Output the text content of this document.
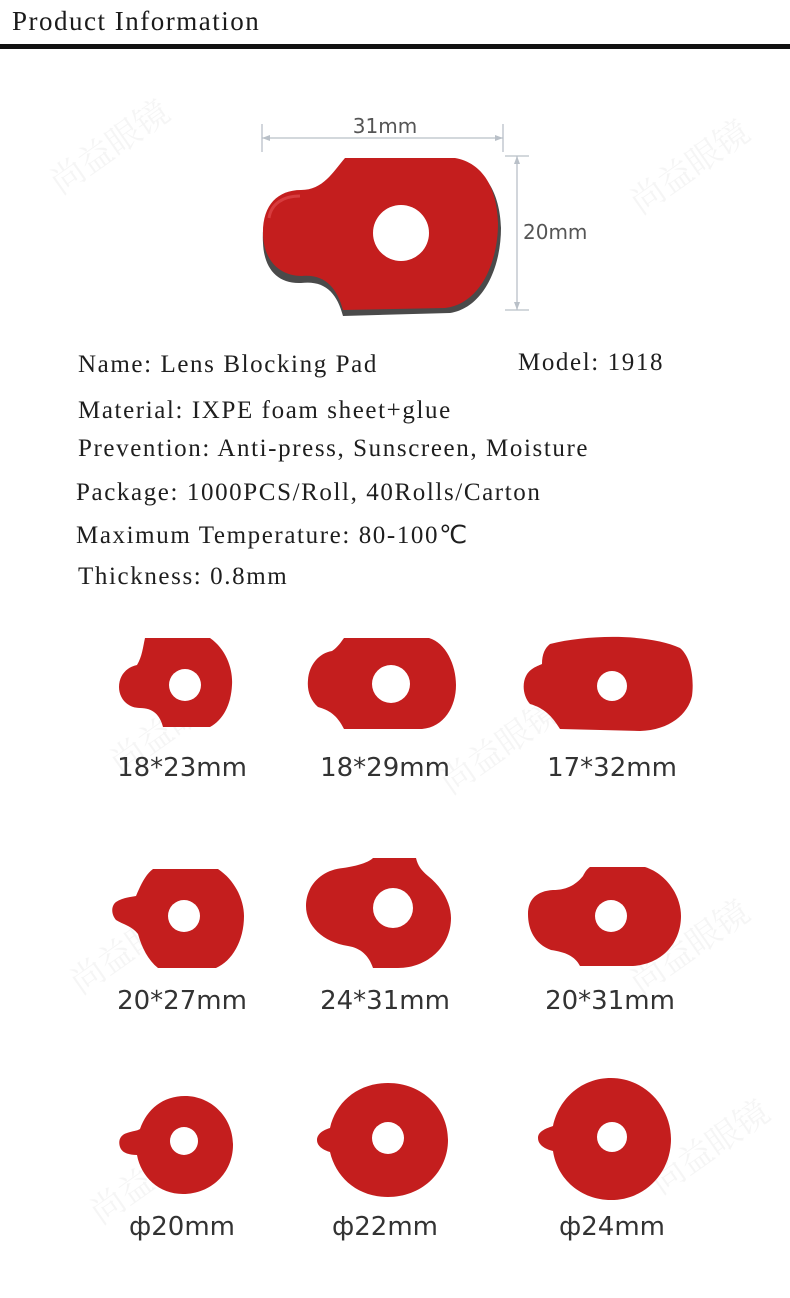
Product Information
31mm
20mm
Name: Lens Blocking Pad	Model: 1918
Material: IXPE foam sheet+glue
Prevention: Anti-press, Sunscreen, Moisture
Package: 1000PCS/Roll, 40Rolls/Carton
Maximum Temperature: 80-100℃
Thickness: 0.8mm
18*23mm	18*29mm	17*32mm
20*27mm	24*31mm	20*31mm
ф20mm	ф22mm	ф24mm
